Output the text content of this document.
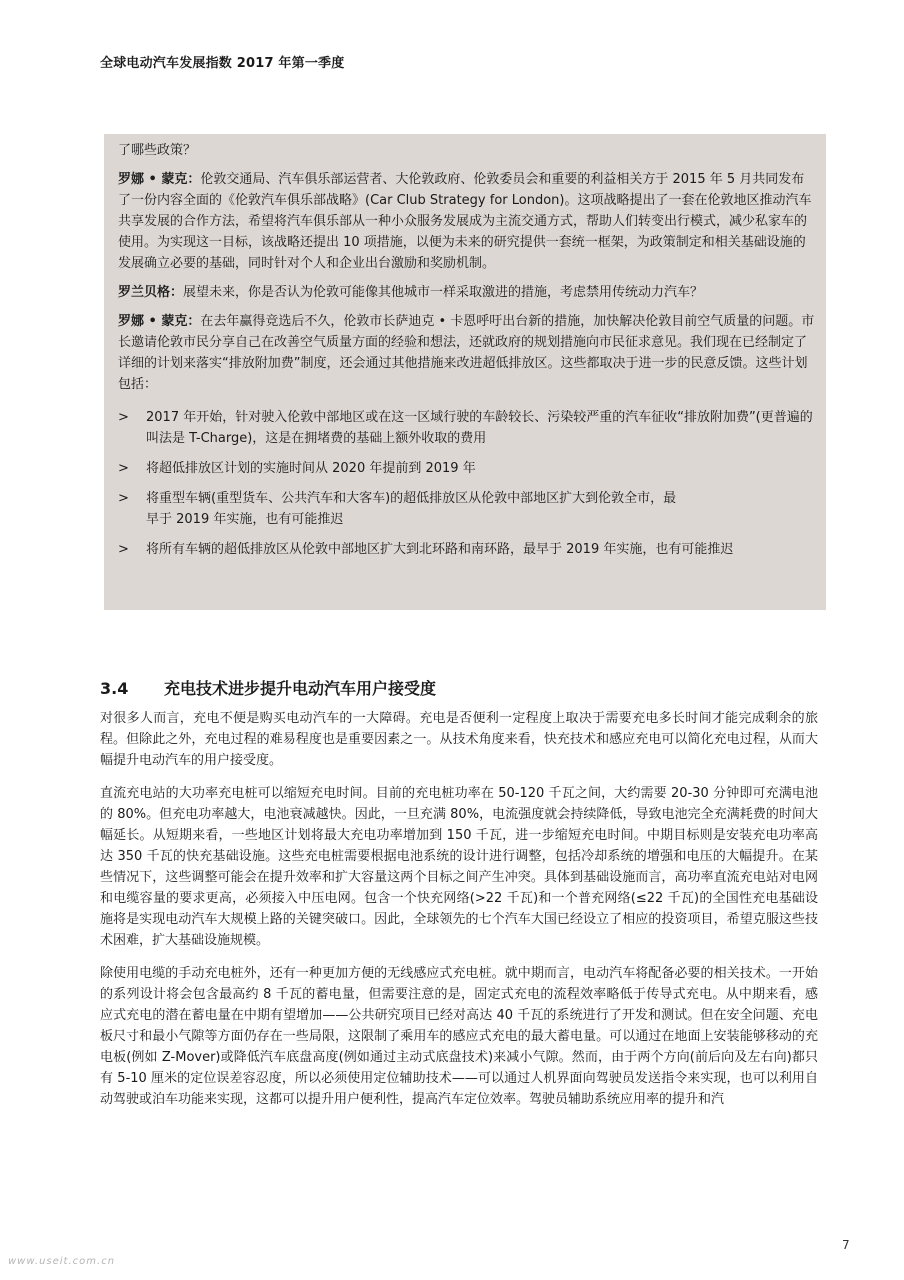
全球电动汽车发展指数 2017 年第一季度

了哪些政策？

罗娜 • 蒙克：伦敦交通局、汽车俱乐部运营者、大伦敦政府、伦敦委员会和重要的利益相关方于 2015 年 5 月共同发布了一份内容全面的《伦敦汽车俱乐部战略》(Car Club Strategy for London)。这项战略提出了一套在伦敦地区推动汽车共享发展的合作方法，希望将汽车俱乐部从一种小众服务发展成为主流交通方式，帮助人们转变出行模式，减少私家车的使用。为实现这一目标，该战略还提出 10 项措施，以便为未来的研究提供一套统一框架，为政策制定和相关基础设施的发展确立必要的基础，同时针对个人和企业出台激励和奖励机制。

罗兰贝格：展望未来，你是否认为伦敦可能像其他城市一样采取激进的措施，考虑禁用传统动力汽车？

罗娜 • 蒙克：在去年赢得竞选后不久，伦敦市长萨迪克 • 卡恩呼吁出台新的措施，加快解决伦敦目前空气质量的问题。市长邀请伦敦市民分享自己在改善空气质量方面的经验和想法，还就政府的规划措施向市民征求意见。我们现在已经制定了详细的计划来落实“排放附加费”制度，还会通过其他措施来改进超低排放区。这些都取决于进一步的民意反馈。这些计划包括：

> 2017 年开始，针对驶入伦敦中部地区或在这一区域行驶的车龄较长、污染较严重的汽车征收“排放附加费”(更普遍的叫法是 T-Charge)，这是在拥堵费的基础上额外收取的费用
> 将超低排放区计划的实施时间从 2020 年提前到 2019 年
> 将重型车辆(重型货车、公共汽车和大客车)的超低排放区从伦敦中部地区扩大到伦敦全市，最早于 2019 年实施，也有可能推迟
> 将所有车辆的超低排放区从伦敦中部地区扩大到北环路和南环路，最早于 2019 年实施，也有可能推迟
3.4 充电技术进步提升电动汽车用户接受度

对很多人而言，充电不便是购买电动汽车的一大障碍。充电是否便利一定程度上取决于需要充电多长时间才能完成剩余的旅程。但除此之外，充电过程的难易程度也是重要因素之一。从技术角度来看，快充技术和感应充电可以简化充电过程，从而大幅提升电动汽车的用户接受度。

直流充电站的大功率充电桩可以缩短充电时间。目前的充电桩功率在 50-120 千瓦之间，大约需要 20-30 分钟即可充满电池的 80%。但充电功率越大，电池衰减越快。因此，一旦充满 80%，电流强度就会持续降低，导致电池完全充满耗费的时间大幅延长。从短期来看，一些地区计划将最大充电功率增加到 150 千瓦，进一步缩短充电时间。中期目标则是安装充电功率高达 350 千瓦的快充基础设施。这些充电桩需要根据电池系统的设计进行调整，包括冷却系统的增强和电压的大幅提升。在某些情况下，这些调整可能会在提升效率和扩大容量这两个目标之间产生冲突。具体到基础设施而言，高功率直流充电站对电网和电缆容量的要求更高，必须接入中压电网。包含一个快充网络(>22 千瓦)和一个普充网络(≤22 千瓦)的全国性充电基础设施将是实现电动汽车大规模上路的关键突破口。因此，全球领先的七个汽车大国已经设立了相应的投资项目，希望克服这些技术困难，扩大基础设施规模。

除使用电缆的手动充电桩外，还有一种更加方便的无线感应式充电桩。就中期而言，电动汽车将配备必要的相关技术。一开始的系列设计将会包含最高约 8 千瓦的蓄电量，但需要注意的是，固定式充电的流程效率略低于传导式充电。从中期来看，感应式充电的潜在蓄电量在中期有望增加——公共研究项目已经对高达 40 千瓦的系统进行了开发和测试。但在安全问题、充电板尺寸和最小气隙等方面仍存在一些局限，这限制了乘用车的感应式充电的最大蓄电量。可以通过在地面上安装能够移动的充电板(例如 Z-Mover)或降低汽车底盘高度(例如通过主动式底盘技术)来减小气隙。然而，由于两个方向(前后向及左右向)都只有 5-10 厘米的定位误差容忍度，所以必须使用定位辅助技术——可以通过人机界面向驾驶员发送指令来实现，也可以利用自动驾驶或泊车功能来实现，这都可以提升用户便利性，提高汽车定位效率。驾驶员辅助系统应用率的提升和汽

7
www.useit.com.cn
